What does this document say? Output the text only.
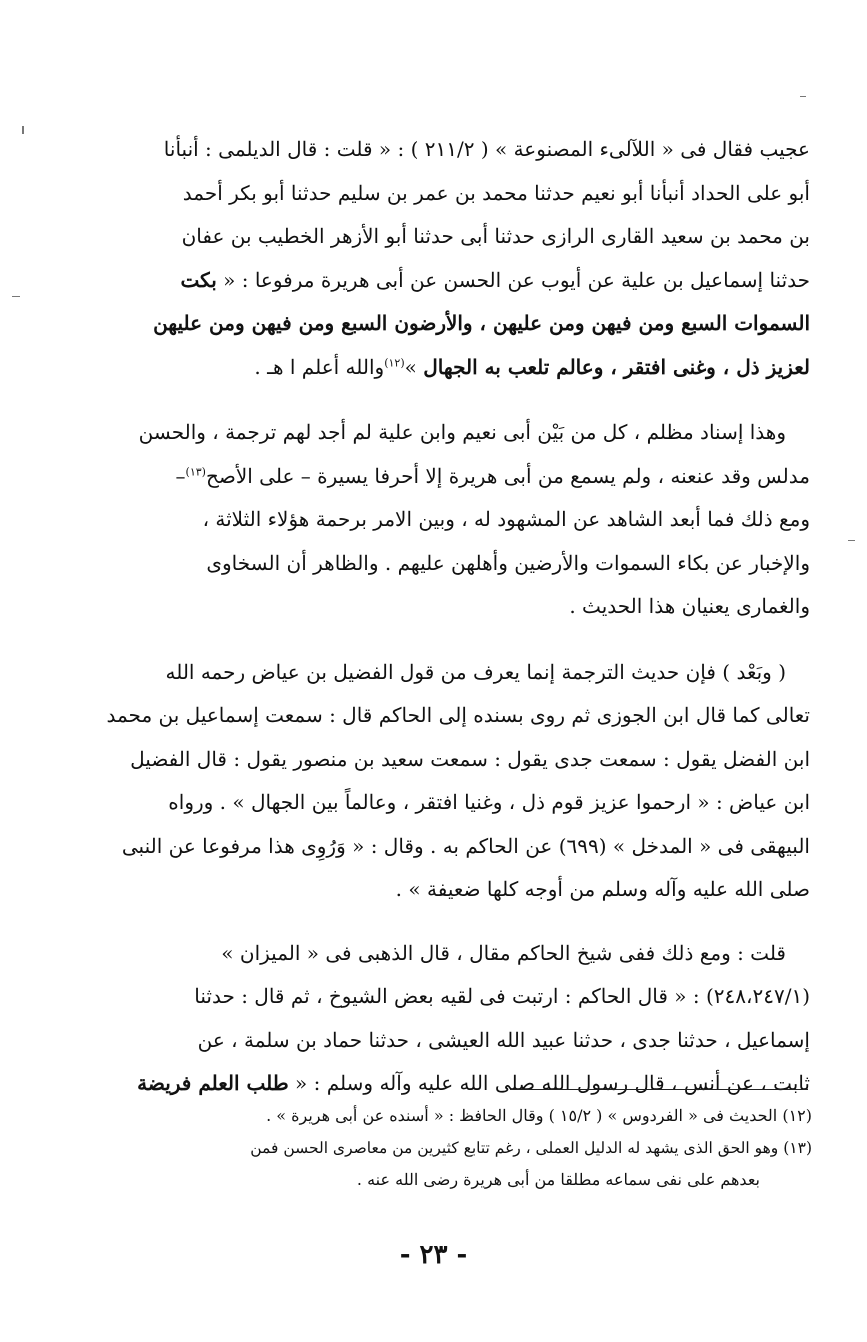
عجيب فقال فى « اللآلىء المصنوعة » ( ٢١١/٢ ) : « قلت : قال الديلمى : أنبأنا
أبو على الحداد أنبأنا أبو نعيم حدثنا محمد بن عمر بن سليم حدثنا أبو بكر أحمد
بن محمد بن سعيد القارى الرازى حدثنا أبى حدثنا أبو الأزهر الخطيب بن عفان
حدثنا إسماعيل بن علية عن أيوب عن الحسن عن أبى هريرة مرفوعا : « بكت
السموات السبع ومن فيهن ومن عليهن ، والأرضون السبع ومن فيهن ومن عليهن
لعزيز ذل ، وغنى افتقر ، وعالم تلعب به الجهال »$^{(١٢)}$والله أعلم ا هـ .
وهذا إسناد مظلم ، كل من بَيْن أبى نعيم وابن علية لم أجد لهم ترجمة ، والحسن
مدلس وقد عنعنه ، ولم يسمع من أبى هريرة إلا أحرفا يسيرة – على الأصح$^{(١٣)}$–
ومع ذلك فما أبعد الشاهد عن المشهود له ، وبين الامر برحمة هؤلاء الثلاثة ،
والإخبار عن بكاء السموات والأرضين وأهلهن عليهم . والظاهر أن السخاوى
والغمارى يعنيان هذا الحديث .
( وبَعْد ) فإن حديث الترجمة إنما يعرف من قول الفضيل بن عياض رحمه الله
تعالى كما قال ابن الجوزى ثم روى بسنده إلى الحاكم قال : سمعت إسماعيل بن محمد
ابن الفضل يقول : سمعت جدى يقول : سمعت سعيد بن منصور يقول : قال الفضيل
ابن عياض : « ارحموا عزيز قوم ذل ، وغنيا افتقر ، وعالماً بين الجهال » . ورواه
البيهقى فى « المدخل » (٦٩٩) عن الحاكم به . وقال : « وَرُوِى هذا مرفوعا عن النبى
صلى الله عليه وآله وسلم من أوجه كلها ضعيفة » .
قلت : ومع ذلك ففى شيخ الحاكم مقال ، قال الذهبى فى « الميزان »
(٢٤٨،٢٤٧/١) : « قال الحاكم : ارتبت فى لقيه بعض الشيوخ ، ثم قال : حدثنا
إسماعيل ، حدثنا جدى ، حدثنا عبيد الله العيشى ، حدثنا حماد بن سلمة ، عن
ثابت ، عن أنس ، قال رسول الله صلى الله عليه وآله وسلم : « طلب العلم فريضة
(١٢) الحديث فى « الفردوس » ( ١٥/٢ ) وقال الحافظ : « أسنده عن أبى هريرة » .
(١٣) وهو الحق الذى يشهد له الدليل العملى ، رغم تتابع كثيرين من معاصرى الحسن فمن
بعدهم على نفى سماعه مطلقا من أبى هريرة رضى الله عنه .
- ٢٣ -
